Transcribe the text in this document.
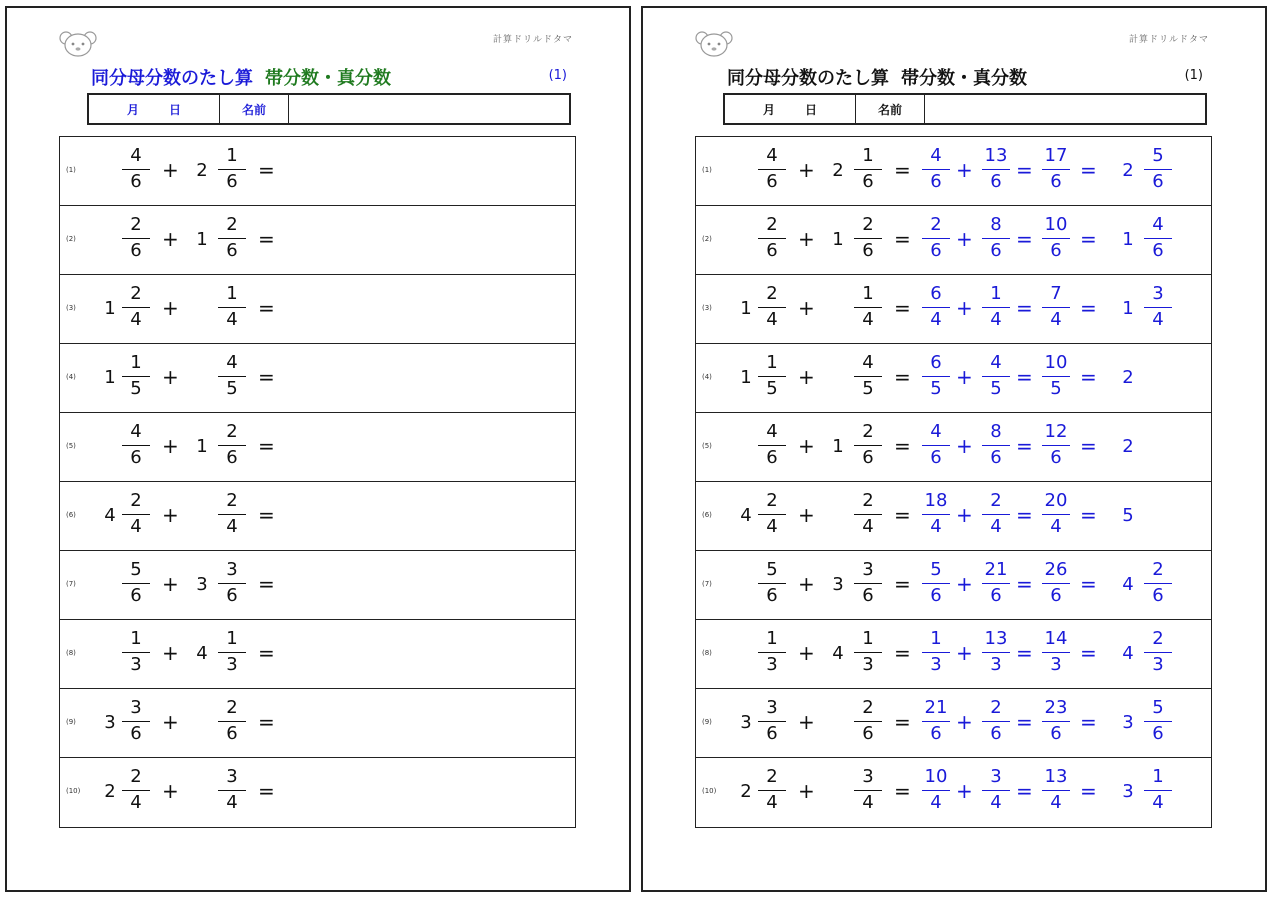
計算ドリルドタマ
同分母分数のたし算 帯分数・真分数	(1)
月	日	名前
(1)
4
6	+ 2
1
6	=
(2)
2
6	+ 1
2
6	=
(3) 1
2
4	+
1
4	=
(4) 1
1
5	+
4
5	=
(5)
4
6	+ 1
2
6	=
(6) 4
2
4	+
2
4	=
(7)
5
6	+ 3
3
6	=
(8)
1
3	+ 4
1
3	=
(9) 3
3
6	+
2
6	=
(10) 2
2
4	+
3
4	=
計算ドリルドタマ
同分母分数のたし算 帯分数・真分数	(1)
月	日	名前
(1)
4
6	+ 2
1
6	=
4
6 +
13
6 =
17
6 = 2
5
6
(2)
2
6	+ 1
2
6	=
2
6 +
8
6 =
10
6 = 1
4
6
(3) 1
2
4	+
1
4	=
6
4 +
1
4 =
7
4 = 1
3
4
(4) 1
1
5	+
4
5	=
6
5 +
4
5 =
10
5 = 2
(5)
4
6	+ 1
2
6	=
4
6 +
8
6 =
12
6 = 2
(6) 4
2
4	+
2
4	=
18
4 +
2
4 =
20
4 = 5
(7)
5
6	+ 3
3
6	=
5
6 +
21
6 =
26
6 = 4
2
6
(8)
1
3	+ 4
1
3	=
1
3 +
13
3 =
14
3 = 4
2
3
(9) 3
3
6	+
2
6	=
21
6 +
2
6 =
23
6 = 3
5
6
(10) 2
2
4	+
3
4	=
10
4 +
3
4 =
13
4 = 3
1
4
